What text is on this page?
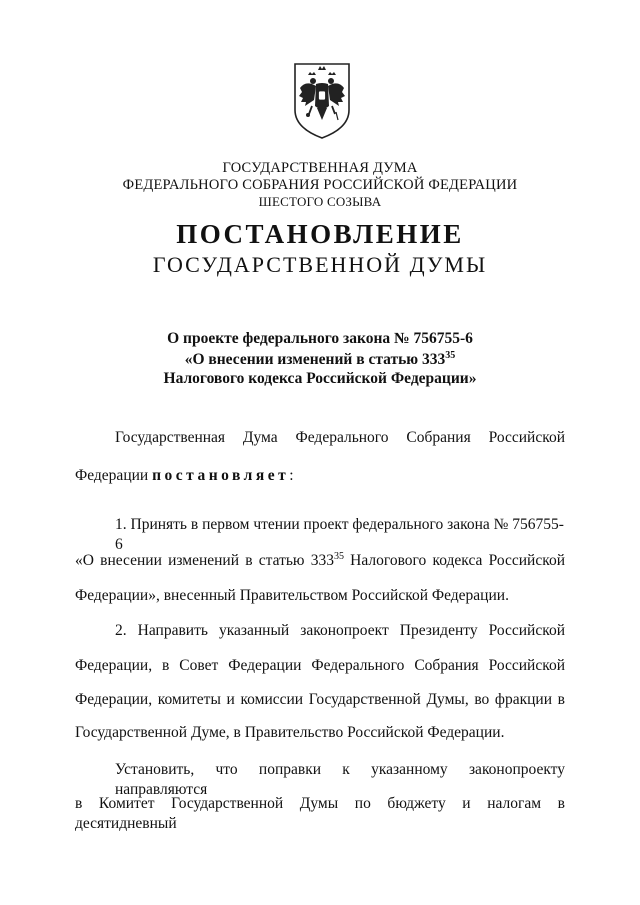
ГОСУДАРСТВЕННАЯ ДУМА
ФЕДЕРАЛЬНОГО СОБРАНИЯ РОССИЙСКОЙ ФЕДЕРАЦИИ
ШЕСТОГО СОЗЫВА
ПОСТАНОВЛЕНИЕ
ГОСУДАРСТВЕННОЙ ДУМЫ
О проекте федерального закона № 756755-6
«О внесении изменений в статью $333^{35}$
Налогового кодекса Российской Федерации»
Государственная Дума Федерального Собрания Российской
Федерации постановляет:
1. Принять в первом чтении проект федерального закона № 756755-6
«О внесении изменений в статью $333^{35}$ Налогового кодекса Российской
Федерации», внесенный Правительством Российской Федерации.
2. Направить указанный законопроект Президенту Российской
Федерации, в Совет Федерации Федерального Собрания Российской
Федерации, комитеты и комиссии Государственной Думы, во фракции в
Государственной Думе, в Правительство Российской Федерации.
Установить, что поправки к указанному законопроекту направляются
в Комитет Государственной Думы по бюджету и налогам в десятидневный
